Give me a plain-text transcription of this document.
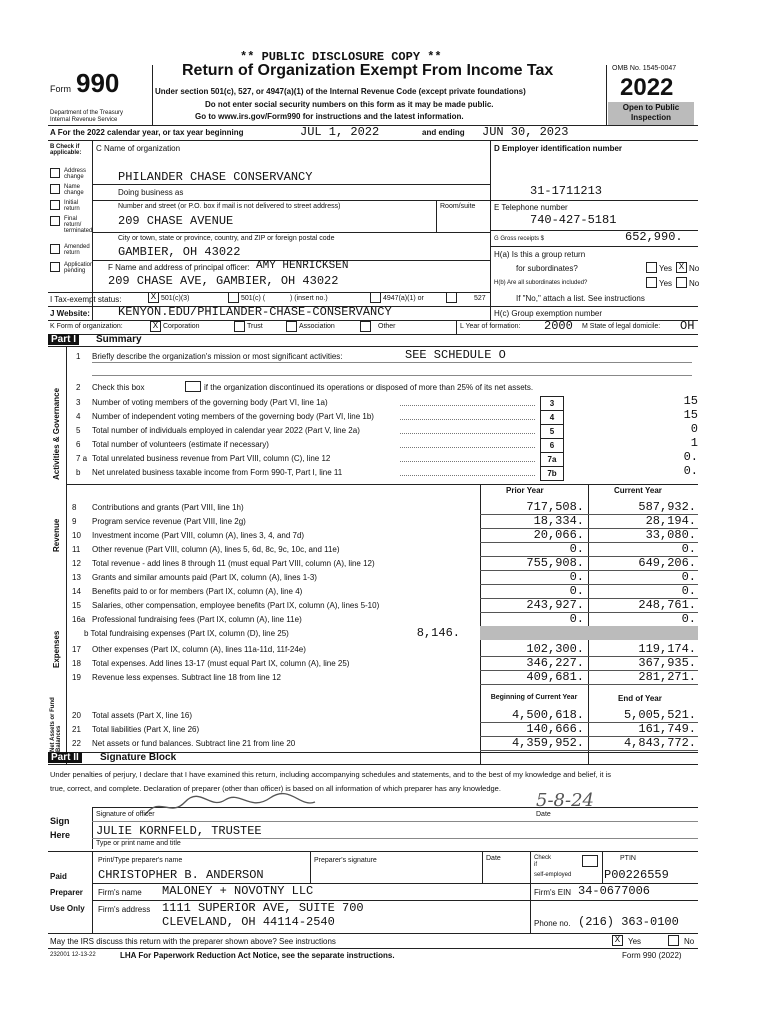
** PUBLIC DISCLOSURE COPY **
Form 990
Department of the Treasury
Internal Revenue Service
Return of Organization Exempt From Income Tax
Under section 501(c), 527, or 4947(a)(1) of the Internal Revenue Code (except private foundations)
Do not enter social security numbers on this form as it may be made public.
Go to www.irs.gov/Form990 for instructions and the latest information.
OMB No. 1545-0047
2022
Open to Public Inspection
A For the 2022 calendar year, or tax year beginning	JUL 1, 2022	and ending JUN 30, 2023
B Check if applicable:
Address change
Name change
Initial return
Final return/ terminated
Amended return
Application pending
C Name of organization
PHILANDER CHASE CONSERVANCY
Doing business as
Number and street (or P.O. box if mail is not delivered to street address)	Room/suite
209 CHASE AVENUE
City or town, state or province, country, and ZIP or foreign postal code
GAMBIER, OH 43022
F Name and address of principal officer: AMY HENRICKSEN
209 CHASE AVE, GAMBIER, OH 43022
D Employer identification number
31-1711213
E Telephone number
740-427-5181
G Gross receipts $	652,990.
H(a) Is this a group return
for subordinates?	Yes X No
H(b) Are all subordinates included?	Yes No
If "No," attach a list. See instructions
I Tax-exempt status:	X 501(c)(3)	501(c) (	) (insert no.)	4947(a)(1) or	527
J Website: KENYON.EDU/PHILANDER-CHASE-CONSERVANCY	H(c) Group exemption number
K Form of organization:	X Corporation	Trust	Association	Other	L Year of formation: 2000 M State of legal domicile: OH
Part I	Summary
Activities & Governance
Revenue
Expenses
Net Assets or Fund Balances
1 Briefly describe the organization's mission or most significant activities:	SEE SCHEDULE O
2 Check this box	if the organization discontinued its operations or disposed of more than 25% of its net assets.
3 Number of voting members of the governing body (Part VI, line 1a)	3	15
4 Number of independent voting members of the governing body (Part VI, line 1b)	4	15
5 Total number of individuals employed in calendar year 2022 (Part V, line 2a)	5	0
6 Total number of volunteers (estimate if necessary)	6	1
7 a Total unrelated business revenue from Part VIII, column (C), line 12	7a	0.
b Net unrelated business taxable income from Form 990-T, Part I, line 11	7b	0.
Prior Year	Current Year
8 Contributions and grants (Part VIII, line 1h)	717,508.	587,932.
9 Program service revenue (Part VIII, line 2g)	18,334.	28,194.
10 Investment income (Part VIII, column (A), lines 3, 4, and 7d)	20,066.	33,080.
11 Other revenue (Part VIII, column (A), lines 5, 6d, 8c, 9c, 10c, and 11e)	0.	0.
12 Total revenue - add lines 8 through 11 (must equal Part VIII, column (A), line 12)	755,908.	649,206.
13 Grants and similar amounts paid (Part IX, column (A), lines 1-3)	0.	0.
14 Benefits paid to or for members (Part IX, column (A), line 4)	0.	0.
15 Salaries, other compensation, employee benefits (Part IX, column (A), lines 5-10)	243,927.	248,761.
16a Professional fundraising fees (Part IX, column (A), line 11e)	0.	0.
b Total fundraising expenses (Part IX, column (D), line 25)	8,146.
17 Other expenses (Part IX, column (A), lines 11a-11d, 11f-24e)	102,300.	119,174.
18 Total expenses. Add lines 13-17 (must equal Part IX, column (A), line 25)	346,227.	367,935.
19 Revenue less expenses. Subtract line 18 from line 12	409,681.	281,271.
20 Total assets (Part X, line 16)	4,500,618.	5,005,521.
21 Total liabilities (Part X, line 26)	140,666.	161,749.
22 Net assets or fund balances. Subtract line 21 from line 20	4,359,952.	4,843,772.
Beginning of Current Year	End of Year
Part II	Signature Block
Under penalties of perjury, I declare that I have examined this return, including accompanying schedules and statements, and to the best of my knowledge and belief, it is
true, correct, and complete. Declaration of preparer (other than officer) is based on all information of which preparer has any knowledge.
Sign
Here
5-8-24
Signature of officer	Date
JULIE KORNFELD, TRUSTEE
Type or print name and title
Paid
Preparer
Use Only
Print/Type preparer's name	Preparer's signature	Date	Check
if
self-employed
PTIN
CHRISTOPHER B. ANDERSON	P00226559
Firm's name MALONEY + NOVOTNY LLC	Firm's EIN 34-0677006
Firm's address 1111 SUPERIOR AVE, SUITE 700
CLEVELAND, OH 44114-2540	Phone no. (216) 363-0100
May the IRS discuss this return with the preparer shown above? See instructions	X Yes	No
232001 12-13-22	LHA For Paperwork Reduction Act Notice, see the separate instructions.	Form 990 (2022)
